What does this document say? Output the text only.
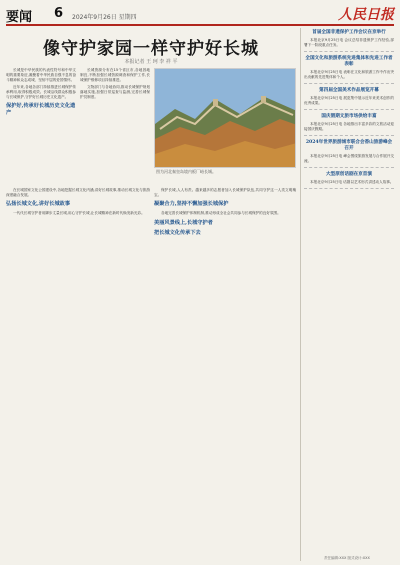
要闻 6 2024年9月26日 星期四	人民日报
像守护家园一样守护好长城
本报记者 王 珂 李 祥 平
图为河北秦皇岛境内板厂峪长城。

长城是中华民族的代表性符号和中华文明的重要象征,凝聚着中华民族自强不息的奋斗精神和众志成城、坚韧不屈的爱国情怀。

近年来,各地各部门持续推进长城保护传承利用,取得积极成效。长城沿线群众积极参与长城保护,守护好长城历史文化遗产。

保护好,传承好长城历史文化遗产

长城资源分布在15个省区市,各地因地制宜,不断加强长城资源调查和保护工作,长城保护维修项目持续推进。

文物部门与各地协同,推动长城保护规划落地实施,加强日常巡查与监测,完善长城保护员制度。

在长城国家文化公园建设中,各地挖掘长城文化内涵,讲好长城故事,推动长城文化与旅游深度融合发展。

弘扬长城文化,讲好长城故事

一代代长城守护者用脚步丈量长城,用心守护长城,让长城精神在新时代焕发新光彩。

保护长城,人人有责。越来越多的志愿者加入长城保护队伍,共同守护这一人类文明瑰宝。

凝聚合力,坚持不懈加强长城保护

各地完善长城保护体制机制,推动形成全社会共同参与长城保护的良好氛围。

美丽风景线上,长城守护者
把长城文化传承下去
首届全国非遗保护工作会议在京举行
本报北京9月25日电 会议总结非遗保护工作经验,部署下一阶段重点任务。
全国文化和旅游系统先进集体和先进工作者表彰
本报北京9月25日电 表彰在文化和旅游工作中作出突出贡献的先进集体和个人。
第四届全国美术作品展览开幕
本报北京9月25日电 展览集中展示近年来美术创作的优秀成果。
国庆假期文旅市场供给丰富
本报北京9月25日电 各地推出丰富多彩的文旅活动迎接国庆假期。
2024年世界旅游城市联合会香山旅游峰会召开
本报北京9月25日电 峰会围绕旅游发展与合作展开交流。
大型原创话剧在京首演
本报北京9月25日电 话剧以艺术形式讲述动人故事。
责任编辑:XXX 版式设计:XXX
